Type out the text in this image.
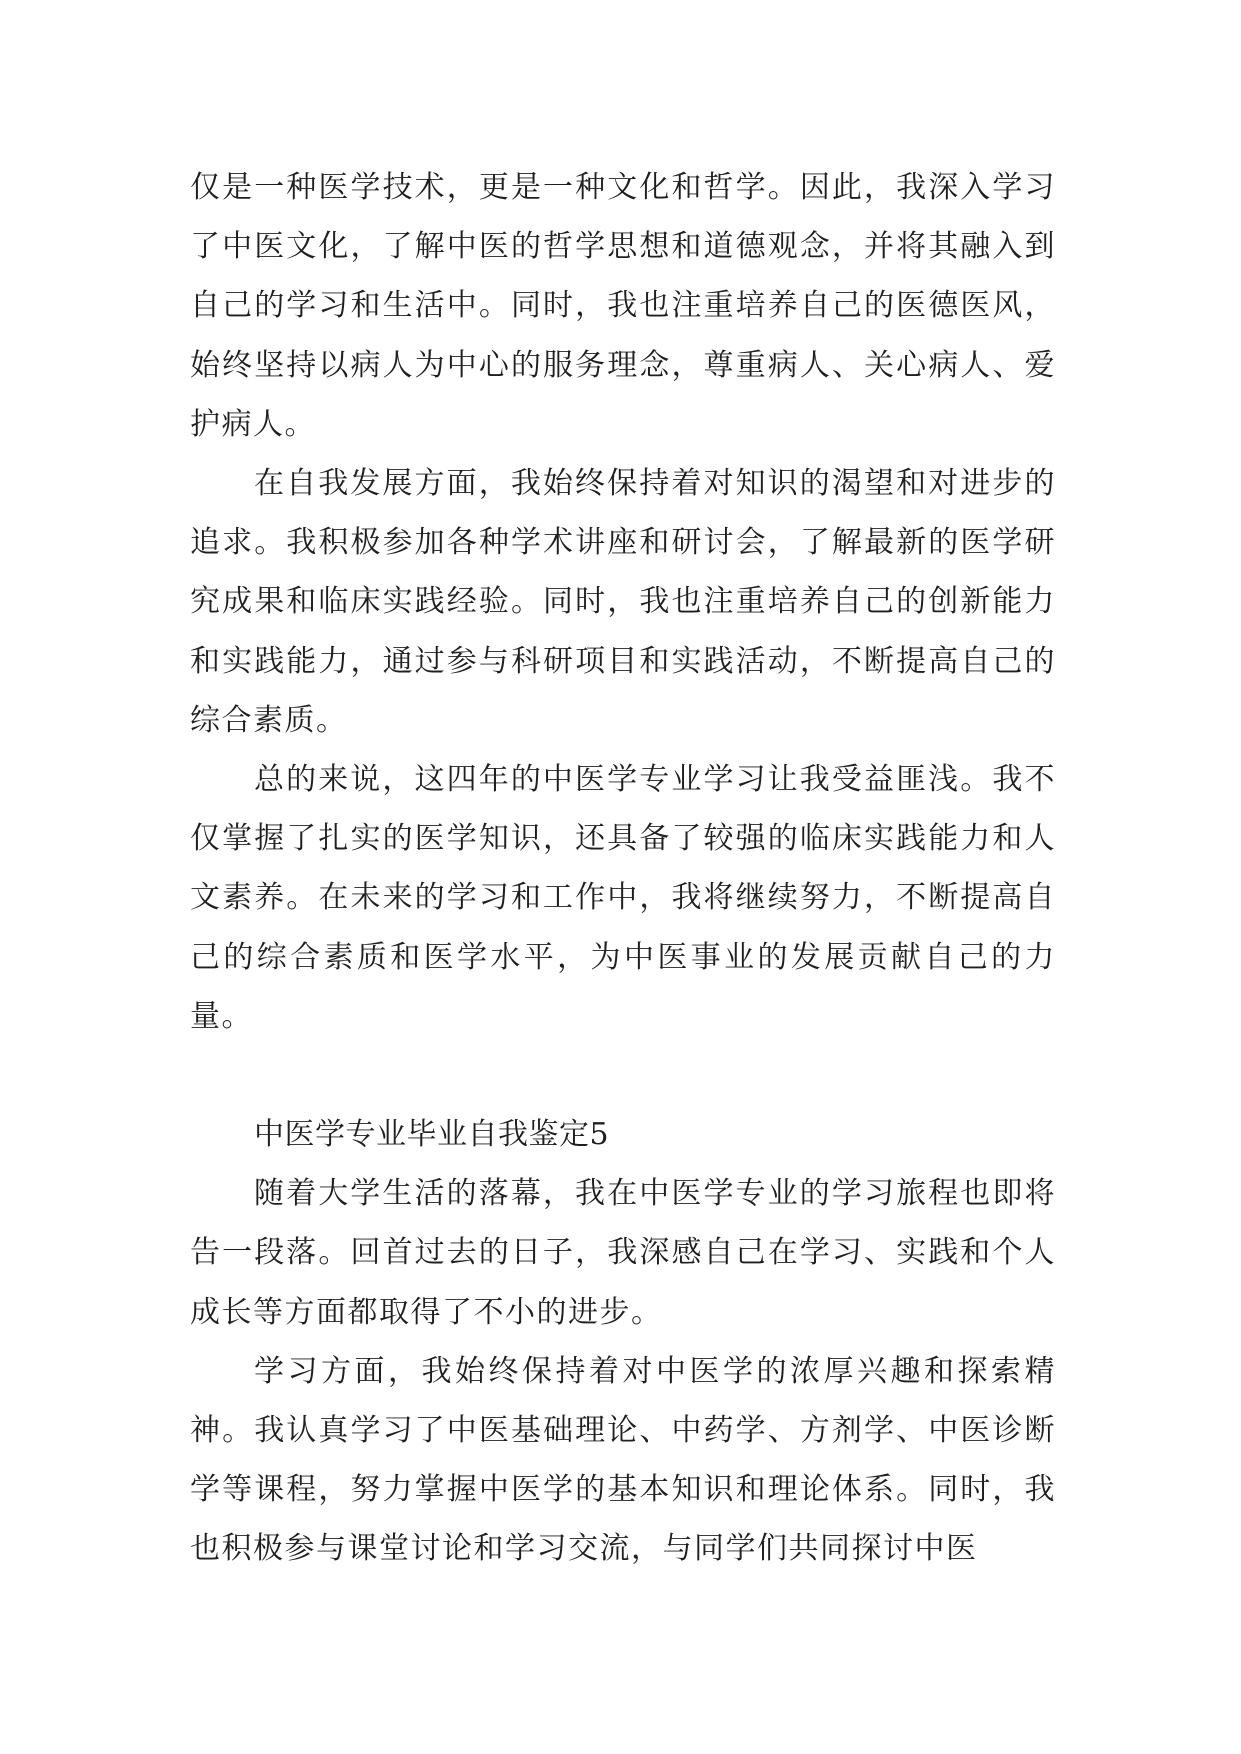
仅是一种医学技术，更是一种文化和哲学。因此，我深入学习了中医文化，了解中医的哲学思想和道德观念，并将其融入到自己的学习和生活中。同时，我也注重培养自己的医德医风，始终坚持以病人为中心的服务理念，尊重病人、关心病人、爱护病人。

在自我发展方面，我始终保持着对知识的渴望和对进步的追求。我积极参加各种学术讲座和研讨会，了解最新的医学研究成果和临床实践经验。同时，我也注重培养自己的创新能力和实践能力，通过参与科研项目和实践活动，不断提高自己的综合素质。

总的来说，这四年的中医学专业学习让我受益匪浅。我不仅掌握了扎实的医学知识，还具备了较强的临床实践能力和人文素养。在未来的学习和工作中，我将继续努力，不断提高自己的综合素质和医学水平，为中医事业的发展贡献自己的力量。

中医学专业毕业自我鉴定5

随着大学生活的落幕，我在中医学专业的学习旅程也即将告一段落。回首过去的日子，我深感自己在学习、实践和个人成长等方面都取得了不小的进步。

学习方面，我始终保持着对中医学的浓厚兴趣和探索精神。我认真学习了中医基础理论、中药学、方剂学、中医诊断学等课程，努力掌握中医学的基本知识和理论体系。同时，我也积极参与课堂讨论和学习交流，与同学们共同探讨中医
